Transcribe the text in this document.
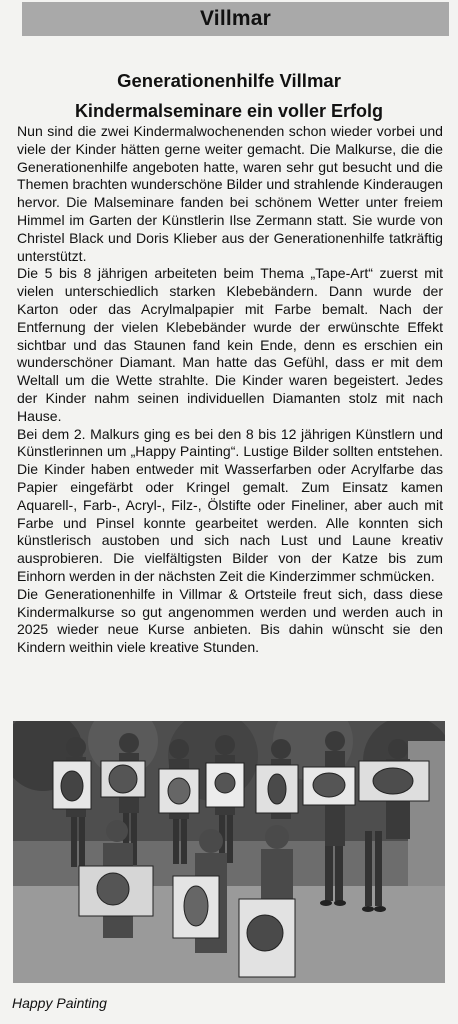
Villmar
Generationenhilfe Villmar
Kindermalseminare ein voller Erfolg

Nun sind die zwei Kindermalwochenenden schon wieder vorbei und viele der Kinder hätten gerne weiter gemacht. Die Malkurse, die die Generationenhilfe angeboten hatte, waren sehr gut besucht und die Themen brachten wunderschöne Bilder und strahlende Kinderaugen hervor. Die Malseminare fanden bei schönem Wetter unter freiem Himmel im Garten der Künstlerin Ilse Zermann statt. Sie wurde von Christel Black und Doris Klieber aus der Generationenhilfe tatkräftig unterstützt.

Die 5 bis 8 jährigen arbeiteten beim Thema „Tape-Art“ zuerst mit vielen unterschiedlich starken Klebebändern. Dann wurde der Karton oder das Acrylmalpapier mit Farbe bemalt. Nach der Entfernung der vielen Klebebänder wurde der erwünschte Effekt sichtbar und das Staunen fand kein Ende, denn es erschien ein wunderschöner Diamant. Man hatte das Gefühl, dass er mit dem Weltall um die Wette strahlte. Die Kinder waren begeistert. Jedes der Kinder nahm seinen individuellen Diamanten stolz mit nach Hause.

Bei dem 2. Malkurs ging es bei den 8 bis 12 jährigen Künstlern und Künstlerinnen um „Happy Painting“. Lustige Bilder sollten entstehen. Die Kinder haben entweder mit Wasserfarben oder Acrylfarbe das Papier eingefärbt oder Kringel gemalt. Zum Einsatz kamen Aquarell-, Farb-, Acryl-, Filz-, Ölstifte oder Fineliner, aber auch mit Farbe und Pinsel konnte gearbeitet werden. Alle konnten sich künstlerisch austoben und sich nach Lust und Laune kreativ ausprobieren. Die vielfältigsten Bilder von der Katze bis zum Einhorn werden in der nächsten Zeit die Kinderzimmer schmücken.

Die Generationenhilfe in Villmar & Ortsteile freut sich, dass diese Kindermalkurse so gut angenommen werden und werden auch in 2025 wieder neue Kurse anbieten. Bis dahin wünscht sie den Kindern weithin viele kreative Stunden.

Happy Painting
